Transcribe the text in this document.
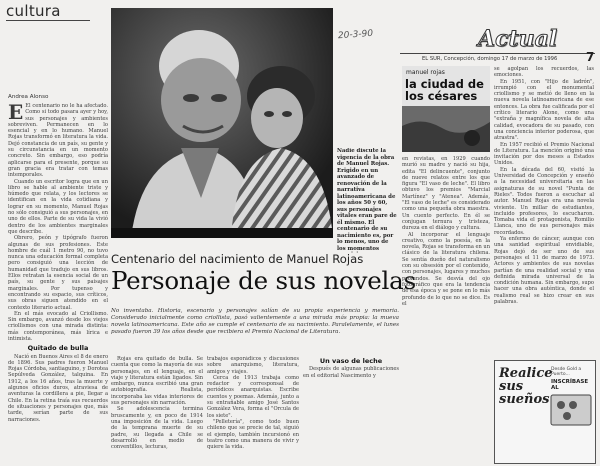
cultura
20-3-90	Actual
EL SUR, Concepción, domingo 17 de marzo de 1996 7
Andrea Alonso

E El centenario no le ha afectado. Como si todo pasara ayer y hoy, sus personajes y ambientes sobreviven. Permanecen en lo esencial y en lo humano. Manuel Rojas transformó en literatura la vida. Dejó constancia de un país, su gente y su circunstancia en un momento concreto. Sin embargo, eso podría aplicarse para el presente, porque su gran gracia era tratar con temas intemporales.

Cuando un escritor logra que en un libro se hable al ambiente triste y húmedo que relata, y los lectores se identifican en la vida cotidiana y lograr en su momento, Manuel Rojas no sólo consiguió a sus personajes, en uno de ellos. Parte de su vida la vivió dentro de los ambientes marginales que describe.

Obrero, peón y tipógrafo fueron algunas de sus profesiones. Este hombre de cuál 1 metro 90, no tuvo nunca una educación formal completa pero consiguió una lección de humanidad que tradujo en sus libros. Ellos retratan la esencia social de un país, su gente y sus paisajes marginales. Por tupenso y encontrando su espacio, sus críticos, sus obras siguen atendido en el contexto literario actual.

En el más evocado al Criollismo. Sin embargo, avanzó desde los viejos criollismos con una mirada distinta: más contemporánea, más lírica e intimista.

Quitado de bulla

Nació en Buenos Aires el 8 de enero de 1896. Sus padres fueron Manuel Rojas Córdoba, santiaguino, y Dorotea Sepúlveda González, talquina. En 1912, a los 16 años, tras la muerte y algunos oficios duros, atraviesa de aventuras la cordillera a pie, llegar a Chile. En la retina traía sus recuerdos de situaciones y personajes que, más tarde, serían parte de sus narraciones.

Nadie discute la vigencia de la obra de Manuel Rojas. Erigido en un avanzado de renovación de la narrativa latinoamericana de los años 50 y 60, sus personajes vitales eran pare de él mismo. El centenario de su nacimiento es, por lo menos, uno de los momentos
Centenario del nacimiento de Manuel Rojas
Personaje de sus novelas
No inventaba. Historia, escenario y personajes salían de su propia experiencia y memoria. Considerado inicialmente como criollista, pasó valientemente a una mirada más propia: la mueva novela latinoamericana. Este año se cumple el centenario de su nacimiento. Paralelamente, el lunes pasado fueron 39 los años desde que recibiera el Premio Nacional de Literatura.

Rojas era quitado de bulla. Se cuenta que como la mayoría de sus personajes, en el lenguaje, en el viaje y literatura están ligados. Sin embargo, nunca escribió una gran autobiografía. Realista, incorporaba las vidas interiores de sus personajes sin narración.

Se adolescencia termina bruscamente y, en poco de 1914 una imposición de la vida. Luego de la temprana muerte de su padre, su llegada a Chile se desarrolló en medio de conventillos, lecturas,

trabajos esporádicos y discusiones sobre anarquismo, literatura, amigos y viajes.

Cerca de 1913 trabaja como redactor y corresponsal de periódicos anarquistas. Escribe cuentos y poemas. Además, junto a su entrañable amigo José Santos González Vera, forma el "Orcula de los siete".

"Pelletería", como todo buen chileno que se precie de tal, siguió el ejemplo, también incursionó en teatro como una manera de vivir y quiere la vida.

Un vaso de leche

Después de algunas publicaciones en el editorial Nascimento y

manuel rojas
la ciudad de los césares

en revistas, en 1929 cuando murió su madre y nació su hija, edita "El delincuente", conjunto de nueve relatos entre los que figura "El vaso de leche". El libro obtuvo los premios "Marcial Martínez" y "Atenea". Además, "El vaso de leche" es considerado como una pequeña obra maestra. Un cuento perfecto. En él se conjugan ternura y tristeza, dureza en el diálogo y cultura.

Al incorporar el lenguaje creativo, como la poesía, en la novela, Rojas se transforma en un clásico de la literatura chilena. Se sentía dueño del naturalismo con su obsesión por el contenido, con personajes, lugares y muchos profundos. Se desvía del ojo fotográfico que era la tendencia de esa época y se pone en lo más profundo de lo que no se dice. Es el

se agolpan los recuerdos, las emociones.

En 1951, con "Hijo de ladrón", irrumpió con el monumental criollismo y se metió de lleno en la nueva novela latinoamericana de ese entonces. La obra fue calificada por el crítico literario Alone, como una "extraña y magnífica novela de alta calidad, evocadora de su pasado, con una conciencia interior poderosa, que atrastra".

En 1957 recibió el Premio Nacional de Literatura. La mención originó una invitación por dos meses a Estados Unidos.

En la década del 60, visitó la Universidad de Concepción y enseñó a la necesidad universitaria en las asignaturas de su novel "Punta de Rieles". Todos fueron a escuchar al autor. Manuel Rojas era una novela viviente. Un millar de estudiantes, incluido profesores, lo escucharon. Tomaba vida el protagonista, Romilio Llanca, uno de sus personajes más recordados.

Ya enfermo de cáncer, aunque con una sanidad espiritual envidiable, Rojas dejó de ser uno de sus personajes el 11 de marzo de 1973. Actores y ambientes de sus novelas partían de una realidad social y una definida mirada universal de la condición humana. Sin embargo, supo hacer una obra auténtica, donde el realismo real se hizo crear en sus palabras.

Realice sus sueños
Desde Gold a Puerto...
INSCRÍBASE AL
